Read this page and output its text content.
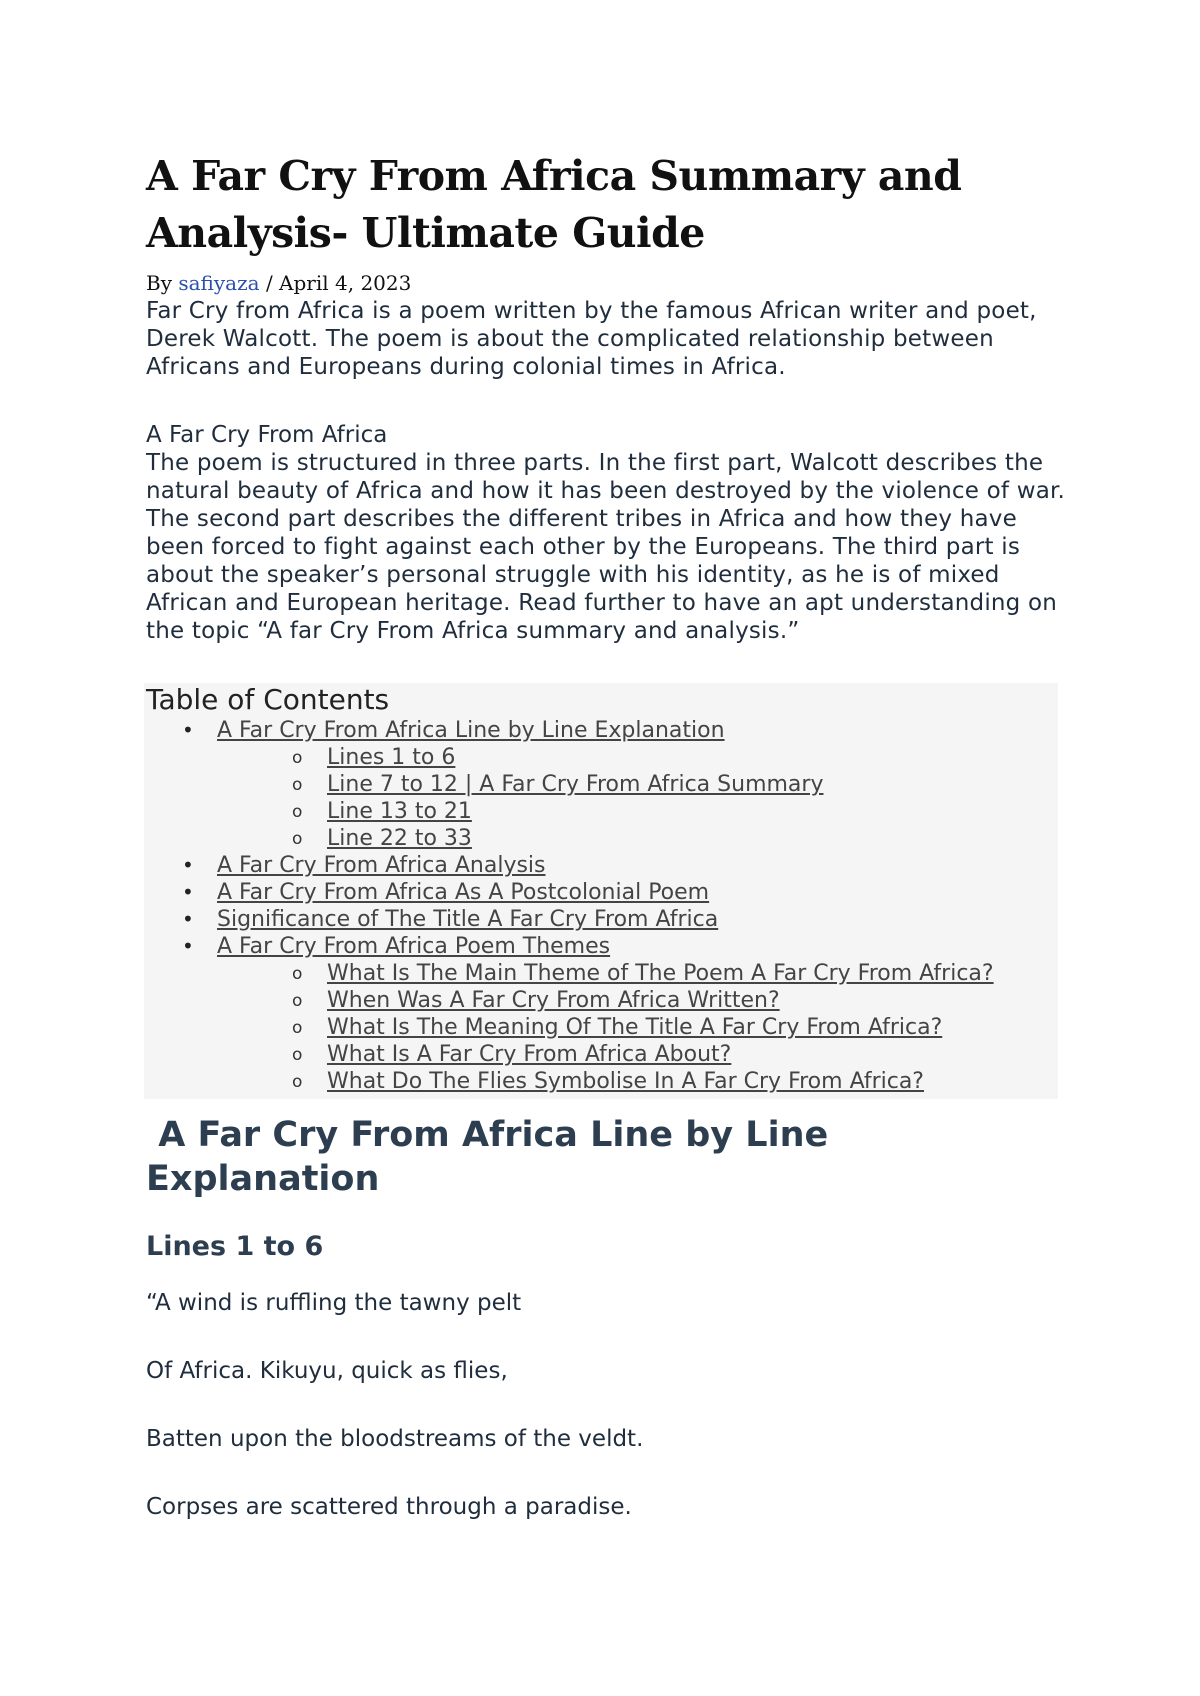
A Far Cry From Africa Summary and Analysis- Ultimate Guide
By safiyaza / April 4, 2023

Far Cry from Africa is a poem written by the famous African writer and poet, Derek Walcott. The poem is about the complicated relationship between Africans and Europeans during colonial times in Africa.

A Far Cry From Africa

The poem is structured in three parts. In the first part, Walcott describes the natural beauty of Africa and how it has been destroyed by the violence of war. The second part describes the different tribes in Africa and how they have been forced to fight against each other by the Europeans. The third part is about the speaker’s personal struggle with his identity, as he is of mixed African and European heritage. Read further to have an apt understanding on the topic “A far Cry From Africa summary and analysis.”

Table of Contents
• A Far Cry From Africa Line by Line Explanation
o Lines 1 to 6
o Line 7 to 12 | A Far Cry From Africa Summary
o Line 13 to 21
o Line 22 to 33
• A Far Cry From Africa Analysis
• A Far Cry From Africa As A Postcolonial Poem
• Significance of The Title A Far Cry From Africa
• A Far Cry From Africa Poem Themes
o What Is The Main Theme of The Poem A Far Cry From Africa?
o When Was A Far Cry From Africa Written?
o What Is The Meaning Of The Title A Far Cry From Africa?
o What Is A Far Cry From Africa About?
o What Do The Flies Symbolise In A Far Cry From Africa?
A Far Cry From Africa Line by Line Explanation
Lines 1 to 6
“A wind is ruffling the tawny pelt
Of Africa. Kikuyu, quick as flies,
Batten upon the bloodstreams of the veldt.
Corpses are scattered through a paradise.
